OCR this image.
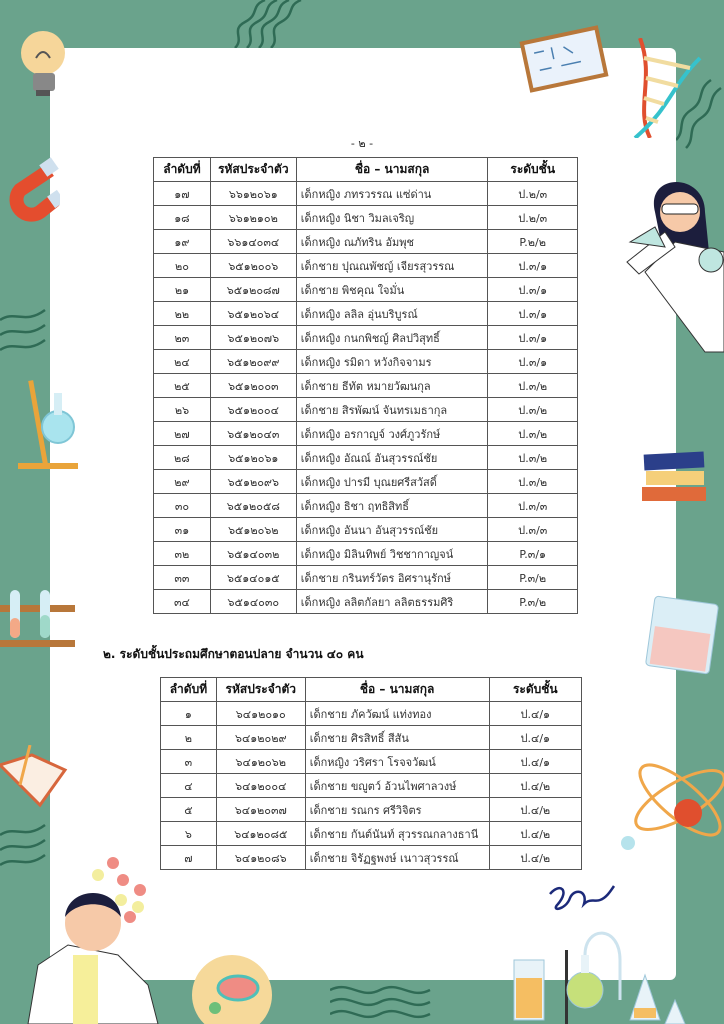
- ๒ -
ลำดับที่	รหัสประจำตัว	ชื่อ – นามสกุล	ระดับชั้น
๑๗	๖๖๑๒๐๖๑	เด็กหญิง ภทรวรรณ แซ่ด่าน	ป.๒/๓
๑๘	๖๖๑๒๑๐๒	เด็กหญิง นิชา วิมลเจริญ	ป.๒/๓
๑๙	๖๖๑๔๐๓๔	เด็กหญิง ณภัทริน อัมพุช	P.๒/๒
๒๐	๖๕๑๒๐๐๖	เด็กชาย ปุณณพัชญ์ เจียรสุวรรณ	ป.๓/๑
๒๑	๖๕๑๒๐๘๗	เด็กชาย พิชคุณ ใจมั่น	ป.๓/๑
๒๒	๖๕๑๒๐๖๔	เด็กหญิง ลลิล อุ่นบริบูรณ์	ป.๓/๑
๒๓	๖๕๑๒๐๗๖	เด็กหญิง กนกพิชญ์ ศิลปวิสุทธิ์	ป.๓/๑
๒๔	๖๕๑๒๐๙๙	เด็กหญิง รมิดา หวังกิจจามร	ป.๓/๑
๒๕	๖๕๑๒๐๐๓	เด็กชาย ธีทัต หมายวัฒนกุล	ป.๓/๒
๒๖	๖๕๑๒๐๐๔	เด็กชาย สิรพัฒน์ จันทรเมธากุล	ป.๓/๒
๒๗	๖๕๑๒๐๔๓	เด็กหญิง อรกาญจ์ วงศ์ภูวรักษ์	ป.๓/๒
๒๘	๖๕๑๒๐๖๑	เด็กหญิง อัณณ์ อันสุวรรณ์ชัย	ป.๓/๒
๒๙	๖๕๑๒๐๙๖	เด็กหญิง ปารมี บุณยศรีสวัสดิ์	ป.๓/๒
๓๐	๖๕๑๒๐๕๘	เด็กหญิง ธิชา ฤทธิสิทธิ์	ป.๓/๓
๓๑	๖๕๑๒๐๖๒	เด็กหญิง อันนา อันสุวรรณ์ชัย	ป.๓/๓
๓๒	๖๕๑๔๐๓๒	เด็กหญิง มิลินทิพย์ วิชชากาญจน์	P.๓/๑
๓๓	๖๕๑๔๐๑๕	เด็กชาย กรินทร์วัตร อิศรานุรักษ์	P.๓/๒
๓๔	๖๕๑๔๐๓๐	เด็กหญิง ลลิตกัลยา ลลิตธรรมศิริ	P.๓/๒
๒. ระดับชั้นประถมศึกษาตอนปลาย จำนวน ๔๐ คน
ลำดับที่	รหัสประจำตัว	ชื่อ – นามสกุล	ระดับชั้น
๑	๖๔๑๒๐๑๐	เด็กชาย ภัควัฒน์ แท่งทอง	ป.๔/๑
๒	๖๔๑๒๐๒๙	เด็กชาย ศิรสิทธิ์ สีสัน	ป.๔/๑
๓	๖๔๑๒๐๖๒	เด็กหญิง วริศรา โรจจวัฒน์	ป.๔/๑
๔	๖๔๑๒๐๐๔	เด็กชาย ขญูตว์ อ้วนไพศาลวงษ์	ป.๔/๒
๕	๖๔๑๒๐๓๗	เด็กชาย รณกร ศรีวิจิตร	ป.๔/๒
๖	๖๔๑๒๐๘๕	เด็กชาย กันต์นันท์ สุวรรณกลางธานี	ป.๔/๒
๗	๖๔๑๒๐๘๖	เด็กชาย จิรัฏฐพงษ์ เนาวสุวรรณ์	ป.๔/๒
